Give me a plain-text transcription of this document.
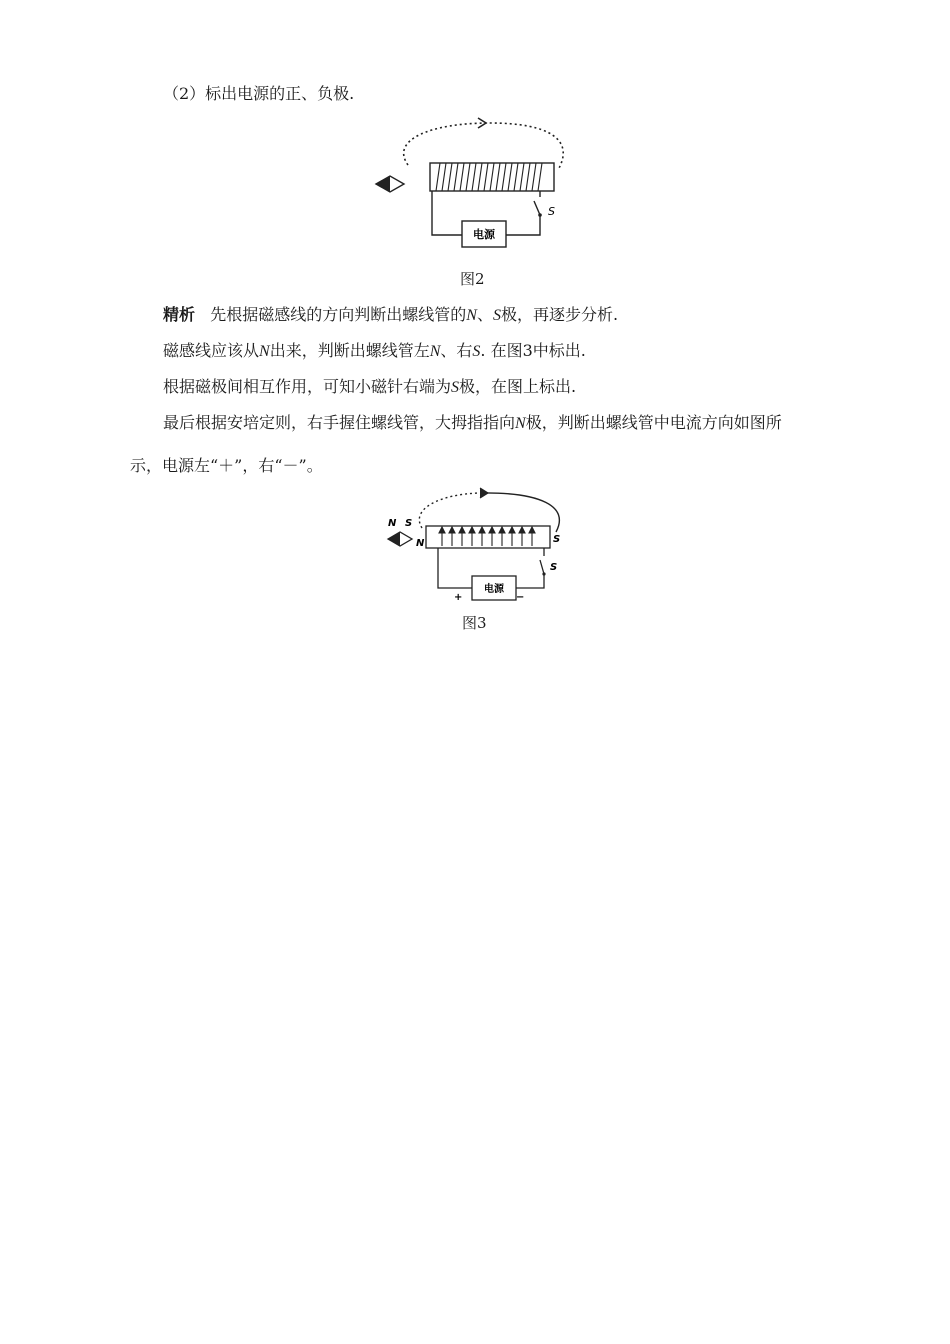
（2）标出电源的正、负极.
电源
S
图2
精析 先根据磁感线的方向判断出螺线管的N、S极，再逐步分析.
磁感线应该从N出来，判断出螺线管左N、右S. 在图3中标出.
根据磁极间相互作用，可知小磁针右端为S极，在图上标出.
最后根据安培定则，右手握住螺线管，大拇指指向N极，判断出螺线管中电流方向如图所
示，电源左“＋”，右“－”。
N S
N	S
电源
S
+	−
图3
